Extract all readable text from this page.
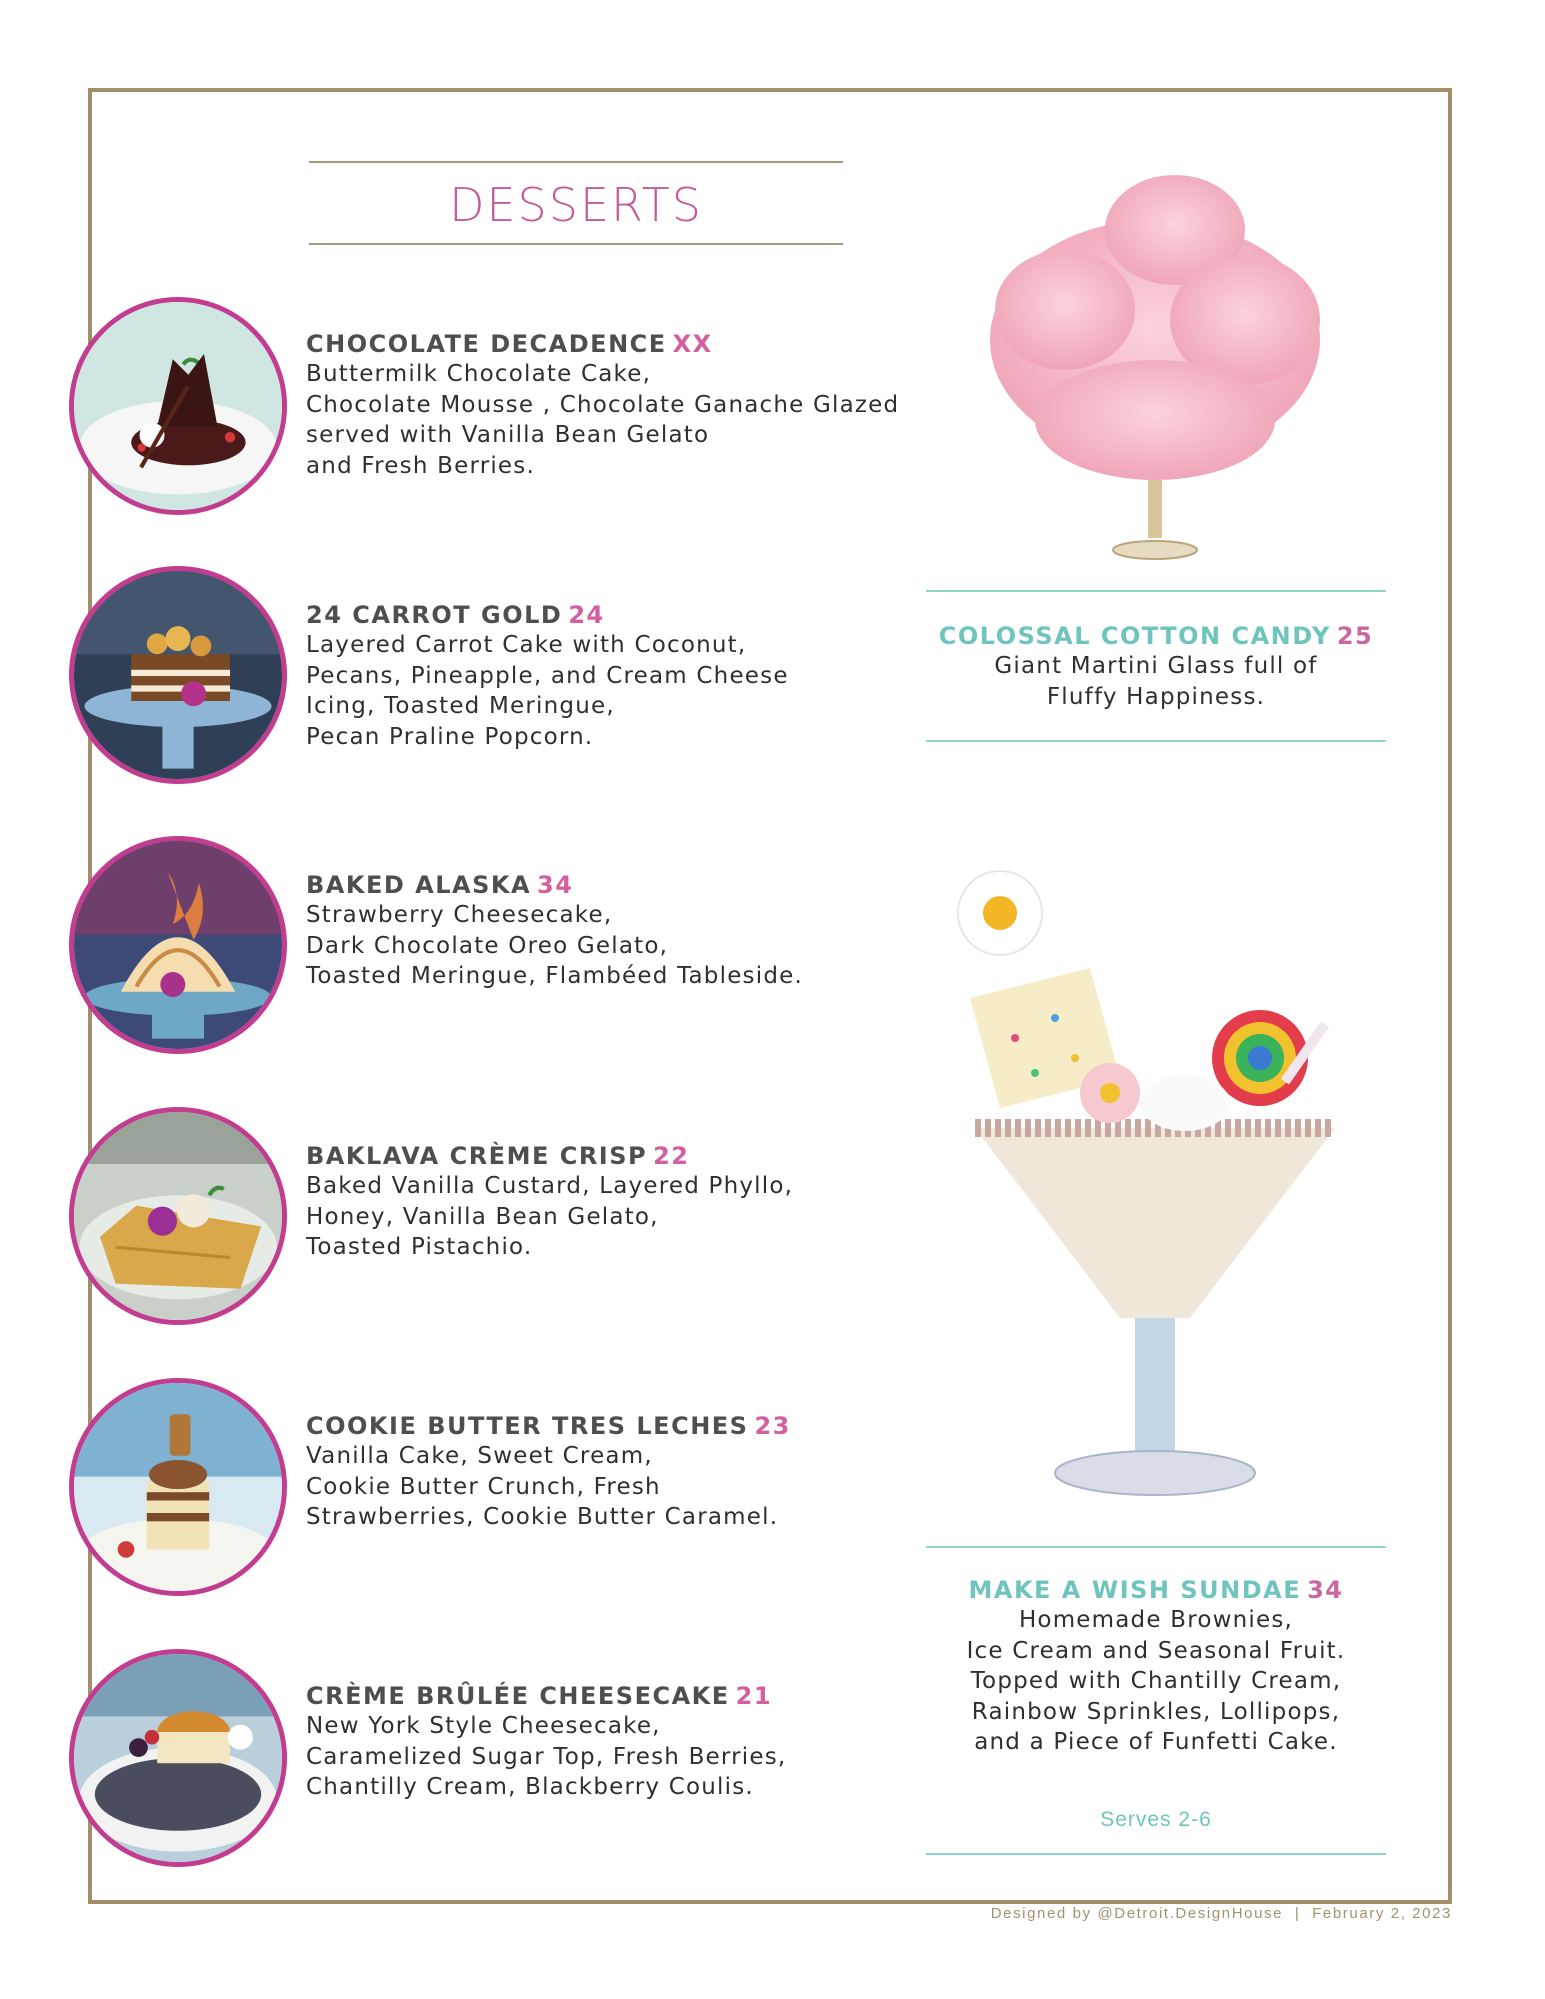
DESSERTS
CHOCOLATE DECADENCE XX
Buttermilk Chocolate Cake,
Chocolate Mousse , Chocolate Ganache Glazed
served with Vanilla Bean Gelato
and Fresh Berries.
24 CARROT GOLD 24
Layered Carrot Cake with Coconut,
Pecans, Pineapple, and Cream Cheese
Icing, Toasted Meringue,
Pecan Praline Popcorn.
BAKED ALASKA 34
Strawberry Cheesecake,
Dark Chocolate Oreo Gelato,
Toasted Meringue, Flambéed Tableside.
BAKLAVA CRÈME CRISP 22
Baked Vanilla Custard, Layered Phyllo,
Honey, Vanilla Bean Gelato,
Toasted Pistachio.
COOKIE BUTTER TRES LECHES 23
Vanilla Cake, Sweet Cream,
Cookie Butter Crunch, Fresh
Strawberries, Cookie Butter Caramel.
CRÈME BRÛLÉE CHEESECAKE 21
New York Style Cheesecake,
Caramelized Sugar Top, Fresh Berries,
Chantilly Cream, Blackberry Coulis.
COLOSSAL COTTON CANDY 25
Giant Martini Glass full of
Fluffy Happiness.
MAKE A WISH SUNDAE 34
Homemade Brownies,
Ice Cream and Seasonal Fruit.
Topped with Chantilly Cream,
Rainbow Sprinkles, Lollipops,
and a Piece of Funfetti Cake.
Serves 2-6
Designed by @Detroit.DesignHouse | February 2, 2023
